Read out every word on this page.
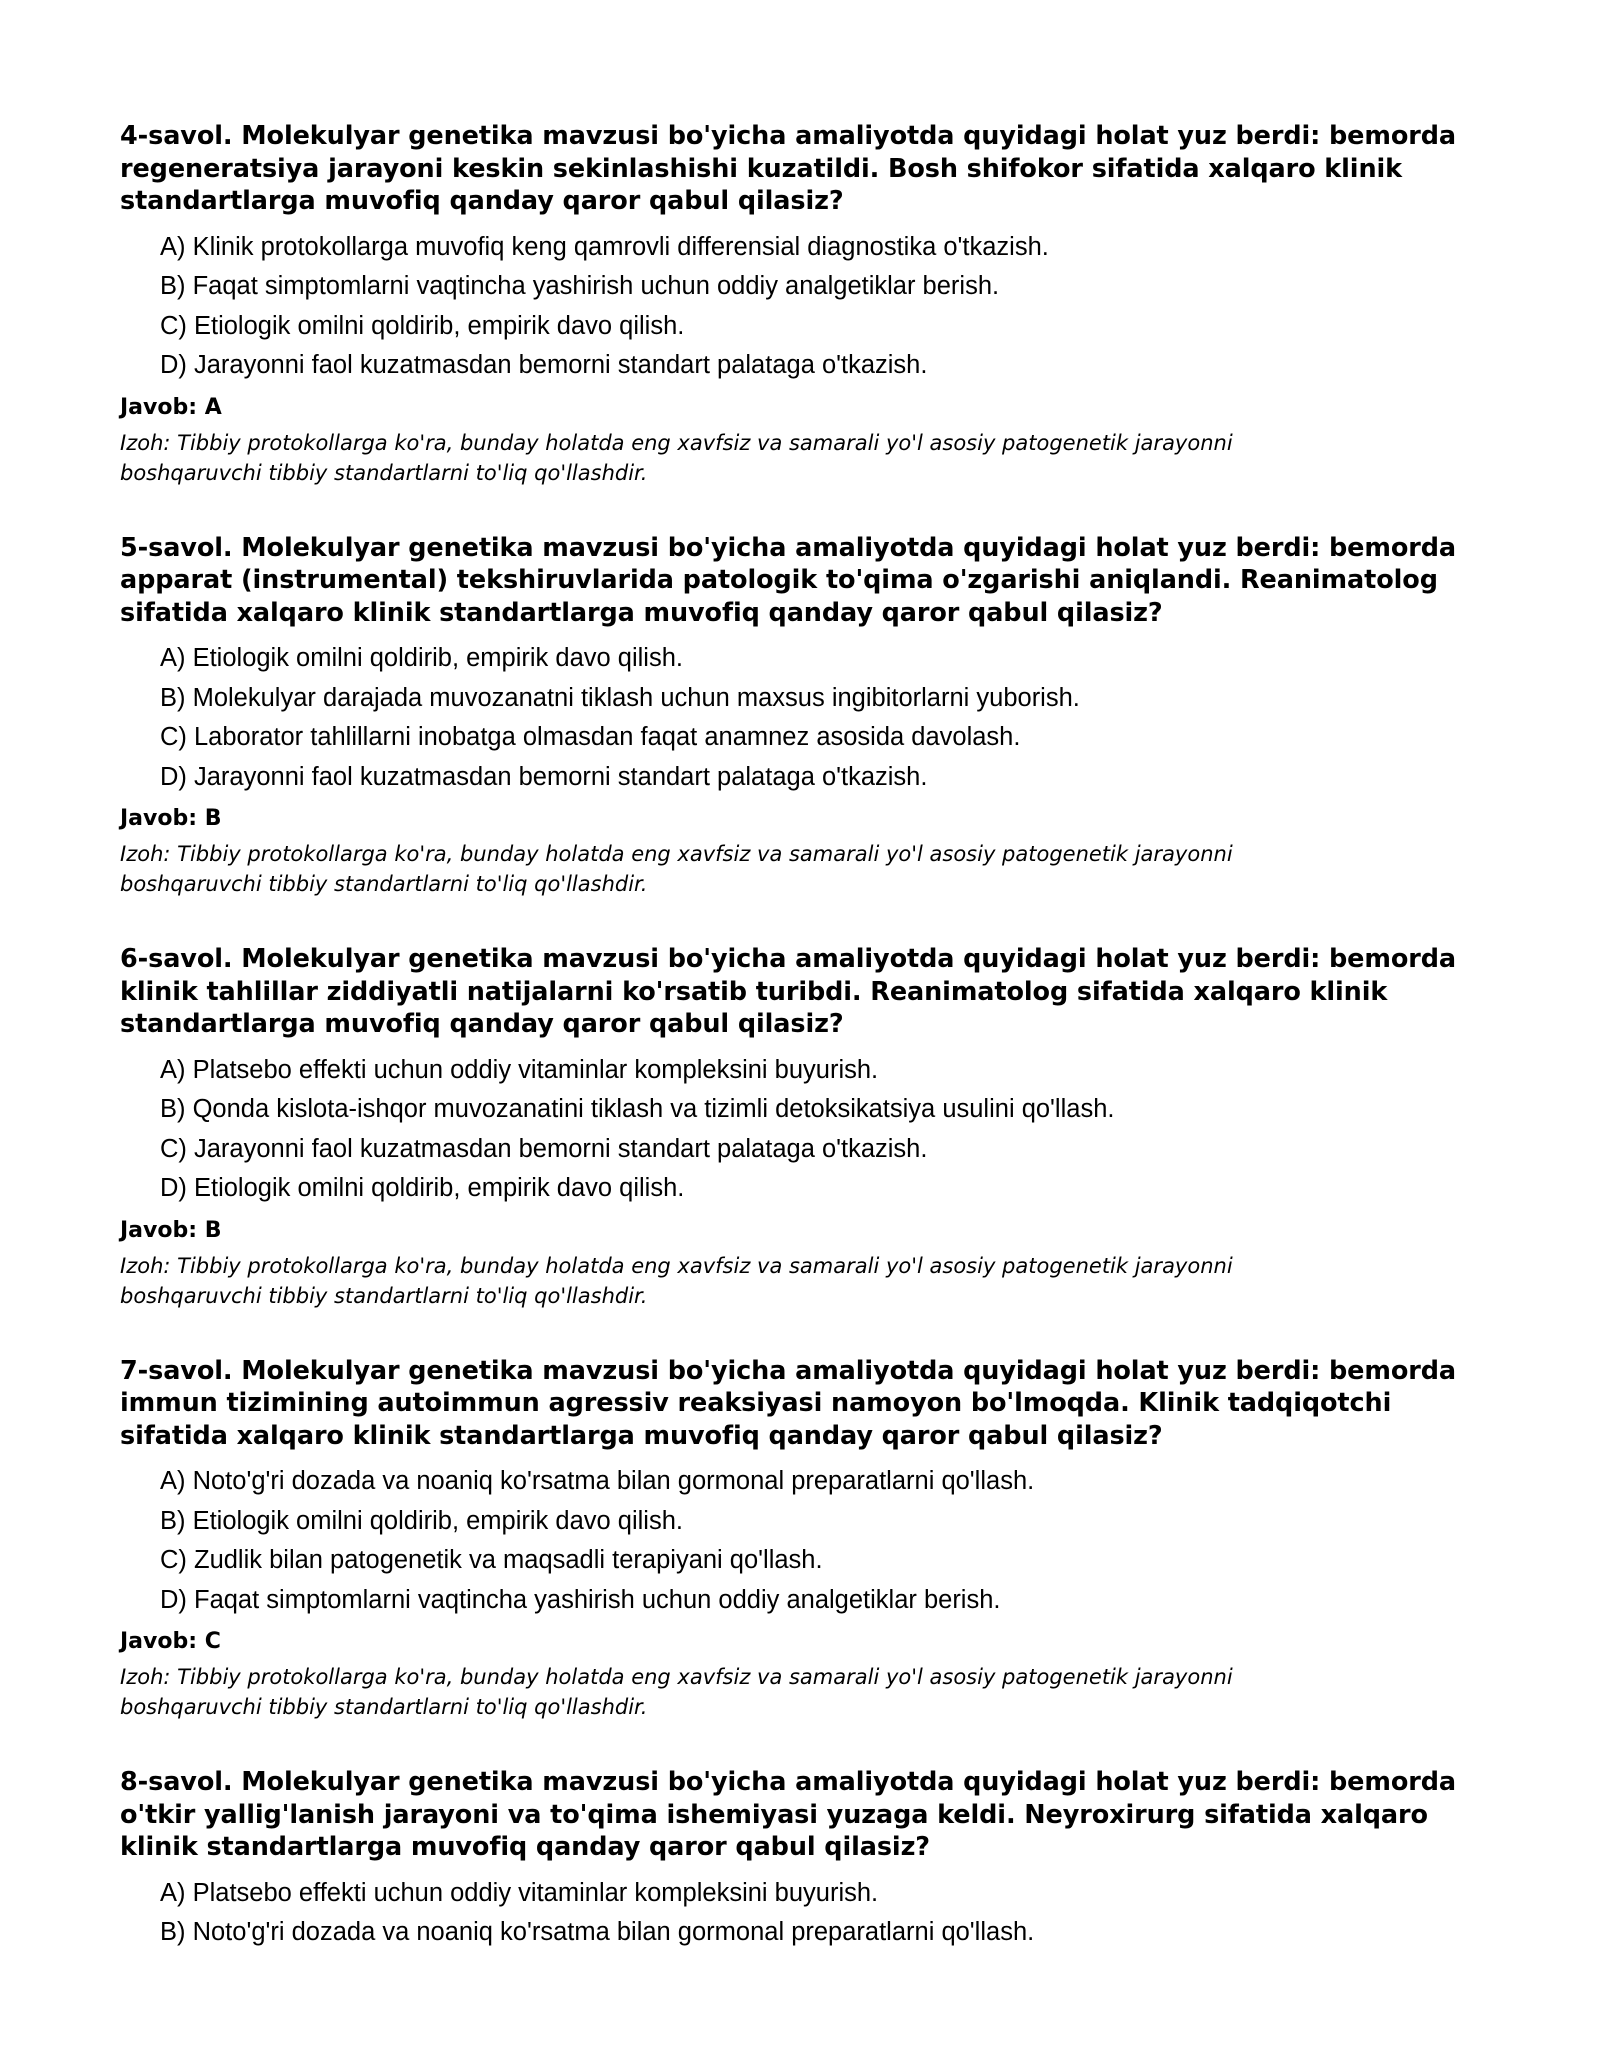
4-savol. Molekulyar genetika mavzusi bo'yicha amaliyotda quyidagi holat yuz berdi: bemorda regeneratsiya jarayoni keskin sekinlashishi kuzatildi. Bosh shifokor sifatida xalqaro klinik standartlarga muvofiq qanday qaror qabul qilasiz?
A) Klinik protokollarga muvofiq keng qamrovli differensial diagnostika o'tkazish.
B) Faqat simptomlarni vaqtincha yashirish uchun oddiy analgetiklar berish.
C) Etiologik omilni qoldirib, empirik davo qilish.
D) Jarayonni faol kuzatmasdan bemorni standart palataga o'tkazish.
Javob: A
Izoh: Tibbiy protokollarga ko'ra, bunday holatda eng xavfsiz va samarali yo'l asosiy patogenetik jarayonni boshqaruvchi tibbiy standartlarni to'liq qo'llashdir.
5-savol. Molekulyar genetika mavzusi bo'yicha amaliyotda quyidagi holat yuz berdi: bemorda apparat (instrumental) tekshiruvlarida patologik to'qima o'zgarishi aniqlandi. Reanimatolog sifatida xalqaro klinik standartlarga muvofiq qanday qaror qabul qilasiz?
A) Etiologik omilni qoldirib, empirik davo qilish.
B) Molekulyar darajada muvozanatni tiklash uchun maxsus ingibitorlarni yuborish.
C) Laborator tahlillarni inobatga olmasdan faqat anamnez asosida davolash.
D) Jarayonni faol kuzatmasdan bemorni standart palataga o'tkazish.
Javob: B
Izoh: Tibbiy protokollarga ko'ra, bunday holatda eng xavfsiz va samarali yo'l asosiy patogenetik jarayonni boshqaruvchi tibbiy standartlarni to'liq qo'llashdir.
6-savol. Molekulyar genetika mavzusi bo'yicha amaliyotda quyidagi holat yuz berdi: bemorda klinik tahlillar ziddiyatli natijalarni ko'rsatib turibdi. Reanimatolog sifatida xalqaro klinik standartlarga muvofiq qanday qaror qabul qilasiz?
A) Platsebo effekti uchun oddiy vitaminlar kompleksini buyurish.
B) Qonda kislota-ishqor muvozanatini tiklash va tizimli detoksikatsiya usulini qo'llash.
C) Jarayonni faol kuzatmasdan bemorni standart palataga o'tkazish.
D) Etiologik omilni qoldirib, empirik davo qilish.
Javob: B
Izoh: Tibbiy protokollarga ko'ra, bunday holatda eng xavfsiz va samarali yo'l asosiy patogenetik jarayonni boshqaruvchi tibbiy standartlarni to'liq qo'llashdir.
7-savol. Molekulyar genetika mavzusi bo'yicha amaliyotda quyidagi holat yuz berdi: bemorda immun tizimining autoimmun agressiv reaksiyasi namoyon bo'lmoqda. Klinik tadqiqotchi sifatida xalqaro klinik standartlarga muvofiq qanday qaror qabul qilasiz?
A) Noto'g'ri dozada va noaniq ko'rsatma bilan gormonal preparatlarni qo'llash.
B) Etiologik omilni qoldirib, empirik davo qilish.
C) Zudlik bilan patogenetik va maqsadli terapiyani qo'llash.
D) Faqat simptomlarni vaqtincha yashirish uchun oddiy analgetiklar berish.
Javob: C
Izoh: Tibbiy protokollarga ko'ra, bunday holatda eng xavfsiz va samarali yo'l asosiy patogenetik jarayonni boshqaruvchi tibbiy standartlarni to'liq qo'llashdir.
8-savol. Molekulyar genetika mavzusi bo'yicha amaliyotda quyidagi holat yuz berdi: bemorda o'tkir yallig'lanish jarayoni va to'qima ishemiyasi yuzaga keldi. Neyroxirurg sifatida xalqaro klinik standartlarga muvofiq qanday qaror qabul qilasiz?
A) Platsebo effekti uchun oddiy vitaminlar kompleksini buyurish.
B) Noto'g'ri dozada va noaniq ko'rsatma bilan gormonal preparatlarni qo'llash.
